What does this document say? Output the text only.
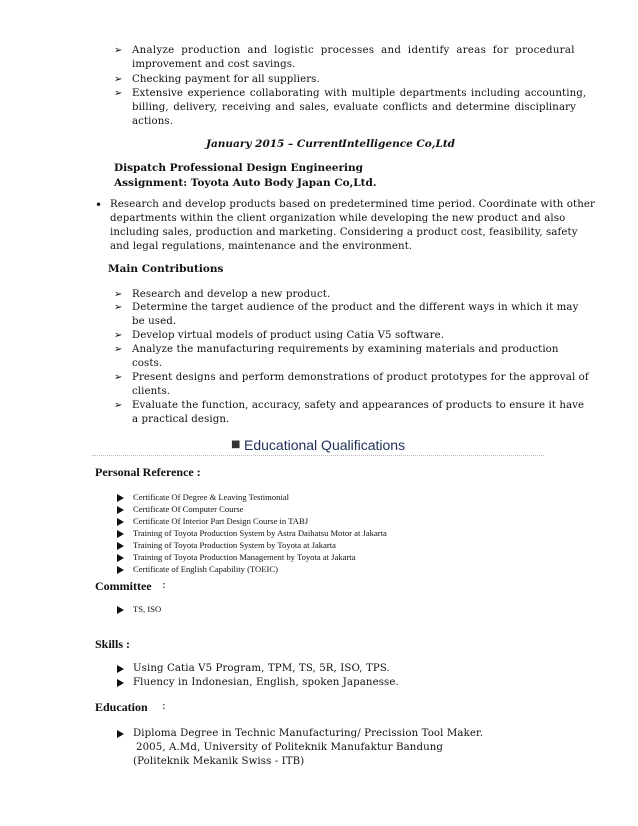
➢ Analyze production and logistic processes and identify areas for procedural
improvement and cost savings.
➢ Checking payment for all suppliers.
➢ Extensive experience collaborating with multiple departments including accounting,
billing, delivery, receiving and sales, evaluate conflicts and determine disciplinary
actions.
January 2015 – Current
Intelligence Co,Ltd
Dispatch Professional Design Engineering
Assignment: Toyota Auto Body Japan Co,Ltd.
• Research and develop products based on predetermined time period. Coordinate with other
departments within the client organization while developing the new product and also
including sales, production and marketing. Considering a product cost, feasibility, safety
and legal regulations, maintenance and the environment.
Main Contributions
➢ Research and develop a new product.
➢ Determine the target audience of the product and the different ways in which it may
be used.
➢ Develop virtual models of product using Catia V5 software.
➢ Analyze the manufacturing requirements by examining materials and production
costs.
➢ Present designs and perform demonstrations of product prototypes for the approval of
clients.
➢ Evaluate the function, accuracy, safety and appearances of products to ensure it have
a practical design.
■ Educational Qualifications
Personal Reference :
Certificate Of Degree & Leaving Testimonial
Certificate Of Computer Course
Certificate Of Interior Part Design Course in TABJ
Training of Toyota Production System by Astra Daihatsu Motor at Jakarta
Training of Toyota Production System by Toyota at Jakarta
Training of Toyota Production Management by Toyota at Jakarta
Certificate of English Capability (TOEIC)
Committee :
TS, ISO
Skills :
Using Catia V5 Program, TPM, TS, 5R, ISO, TPS.
Fluency in Indonesian, English, spoken Japanesse.
Education :
Diploma Degree in Technic Manufacturing/ Precission Tool Maker.
2005, A.Md, University of Politeknik Manufaktur Bandung
(Politeknik Mekanik Swiss - ITB)
